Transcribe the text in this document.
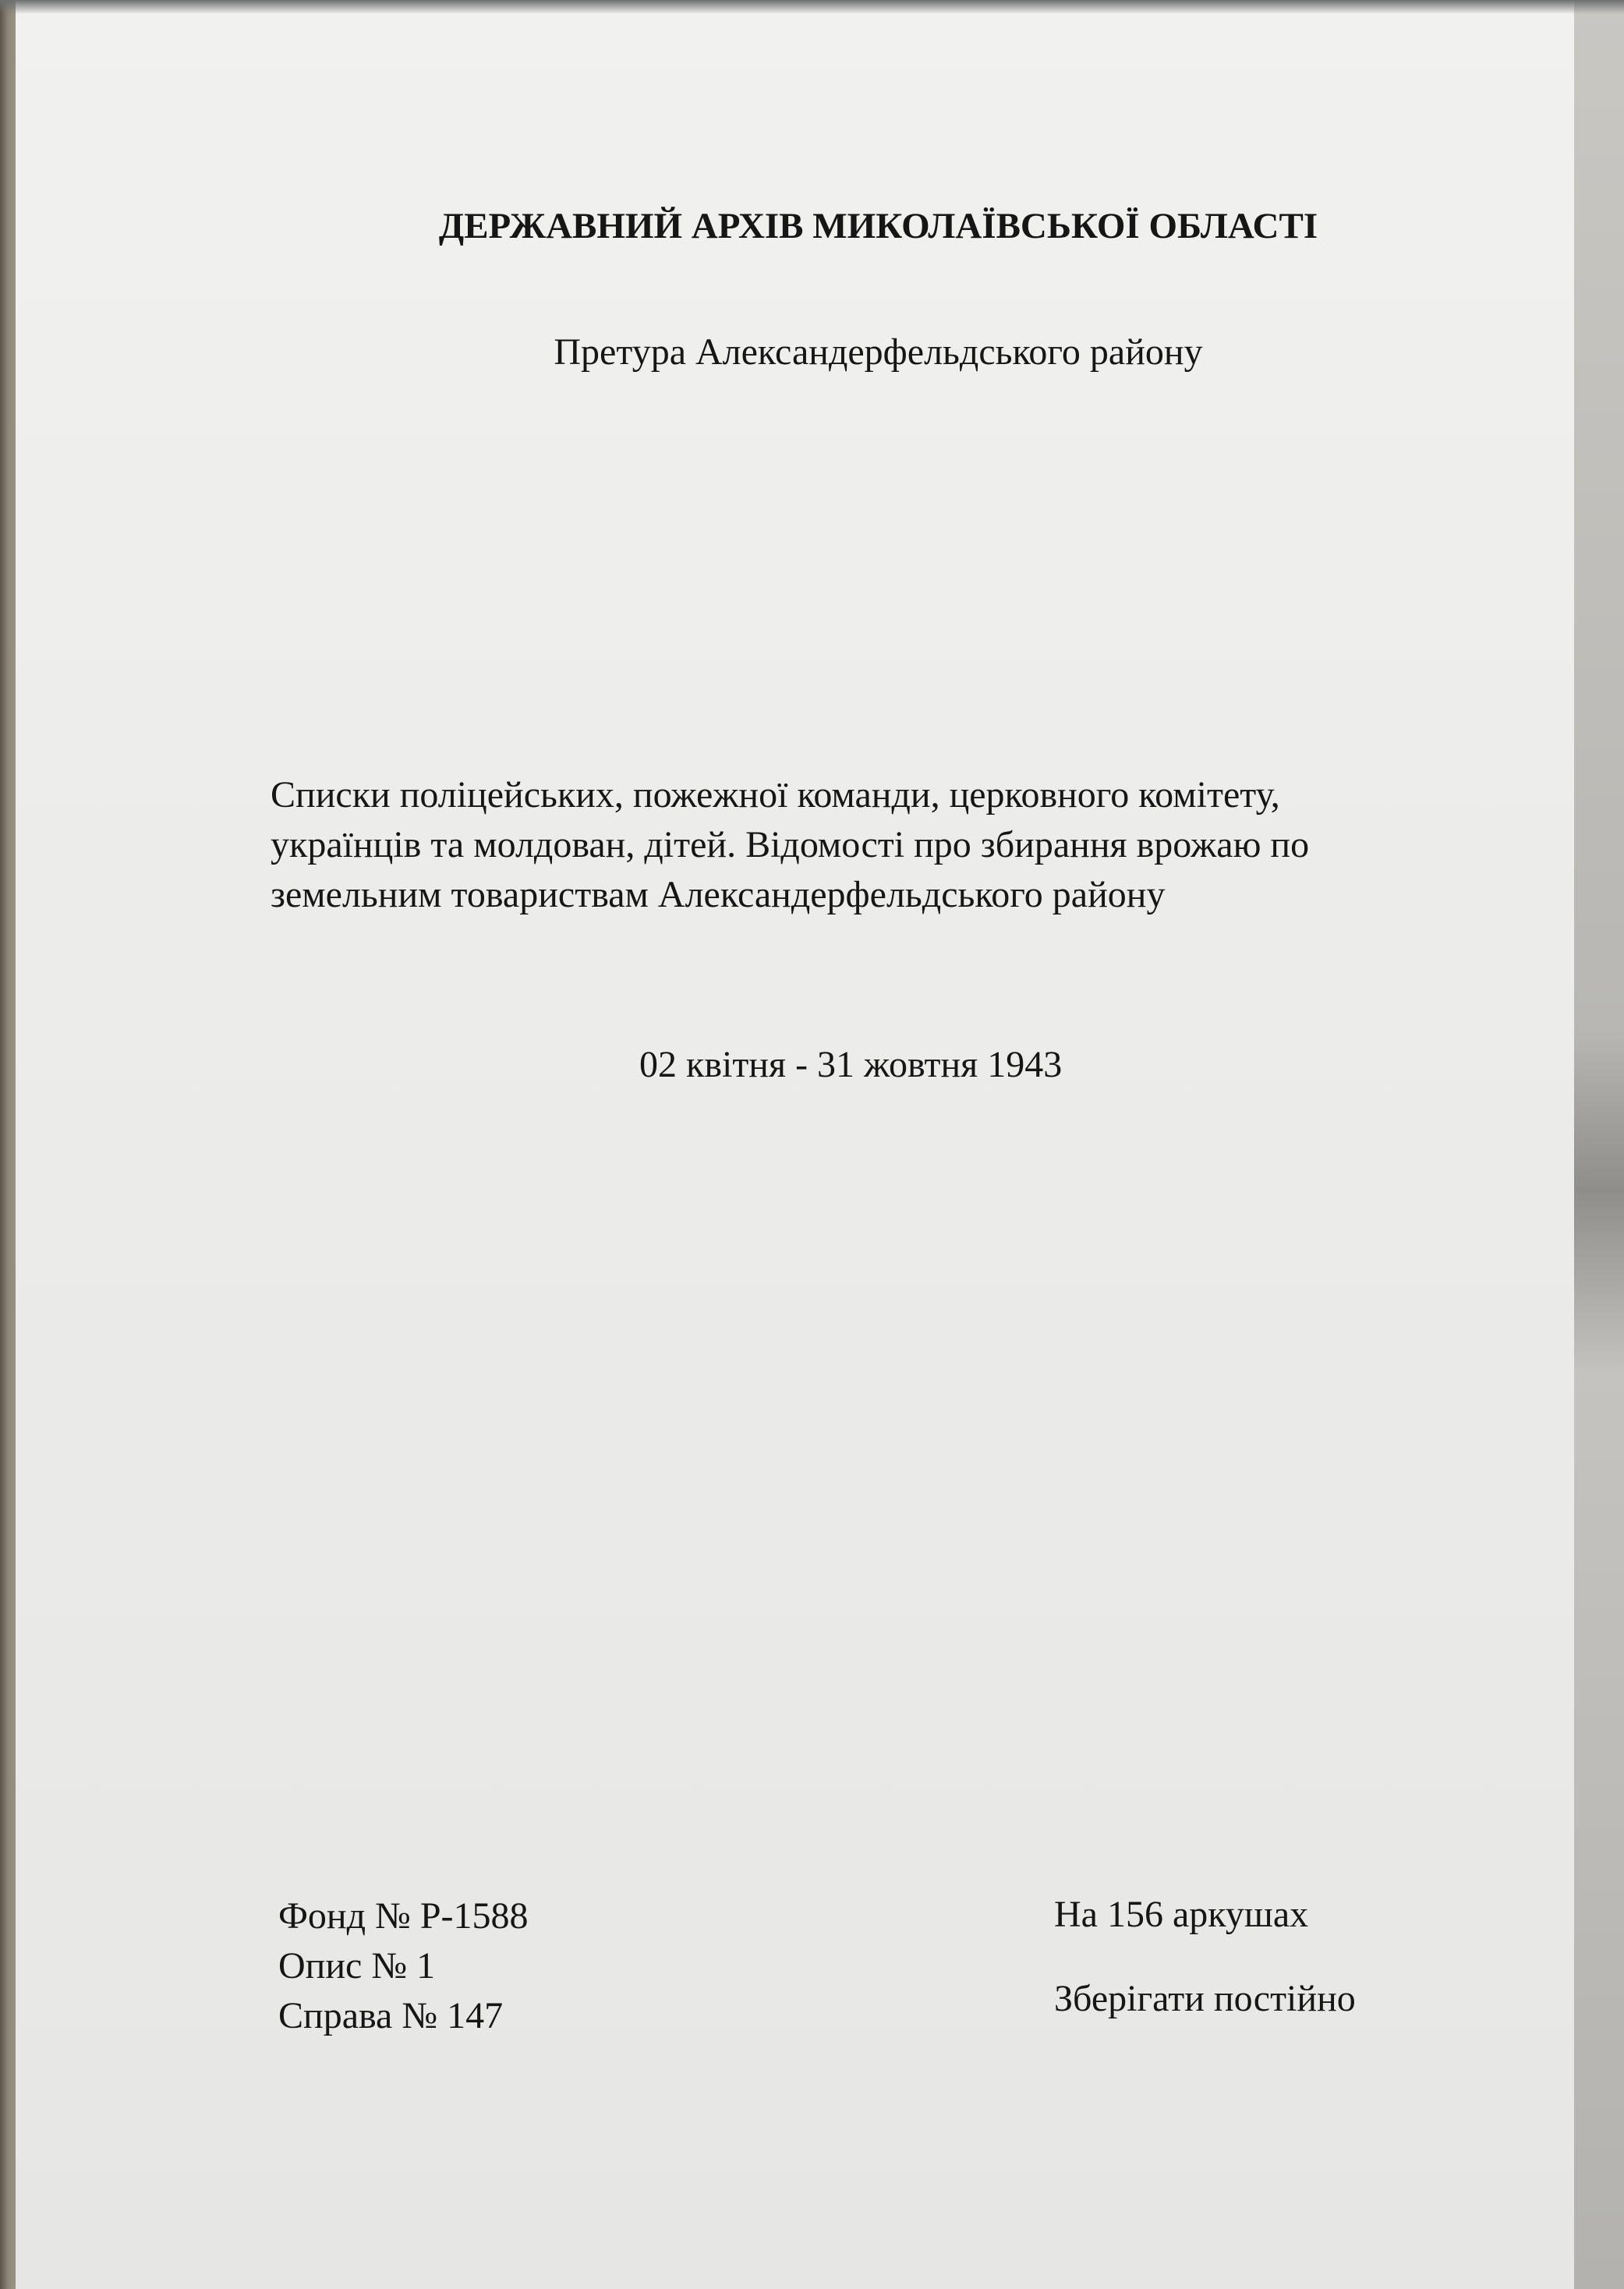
ДЕРЖАВНИЙ АРХІВ МИКОЛАЇВСЬКОЇ ОБЛАСТІ

Претура Александерфельдського району

Списки поліцейських, пожежної команди, церковного комітету,
українців та молдован, дітей. Відомості про збирання врожаю по
земельним товариствам Александерфельдського району

02 квітня - 31 жовтня 1943

Фонд № Р-1588
Опис № 1
Справа № 147

На 156 аркушах

Зберігати постійно
